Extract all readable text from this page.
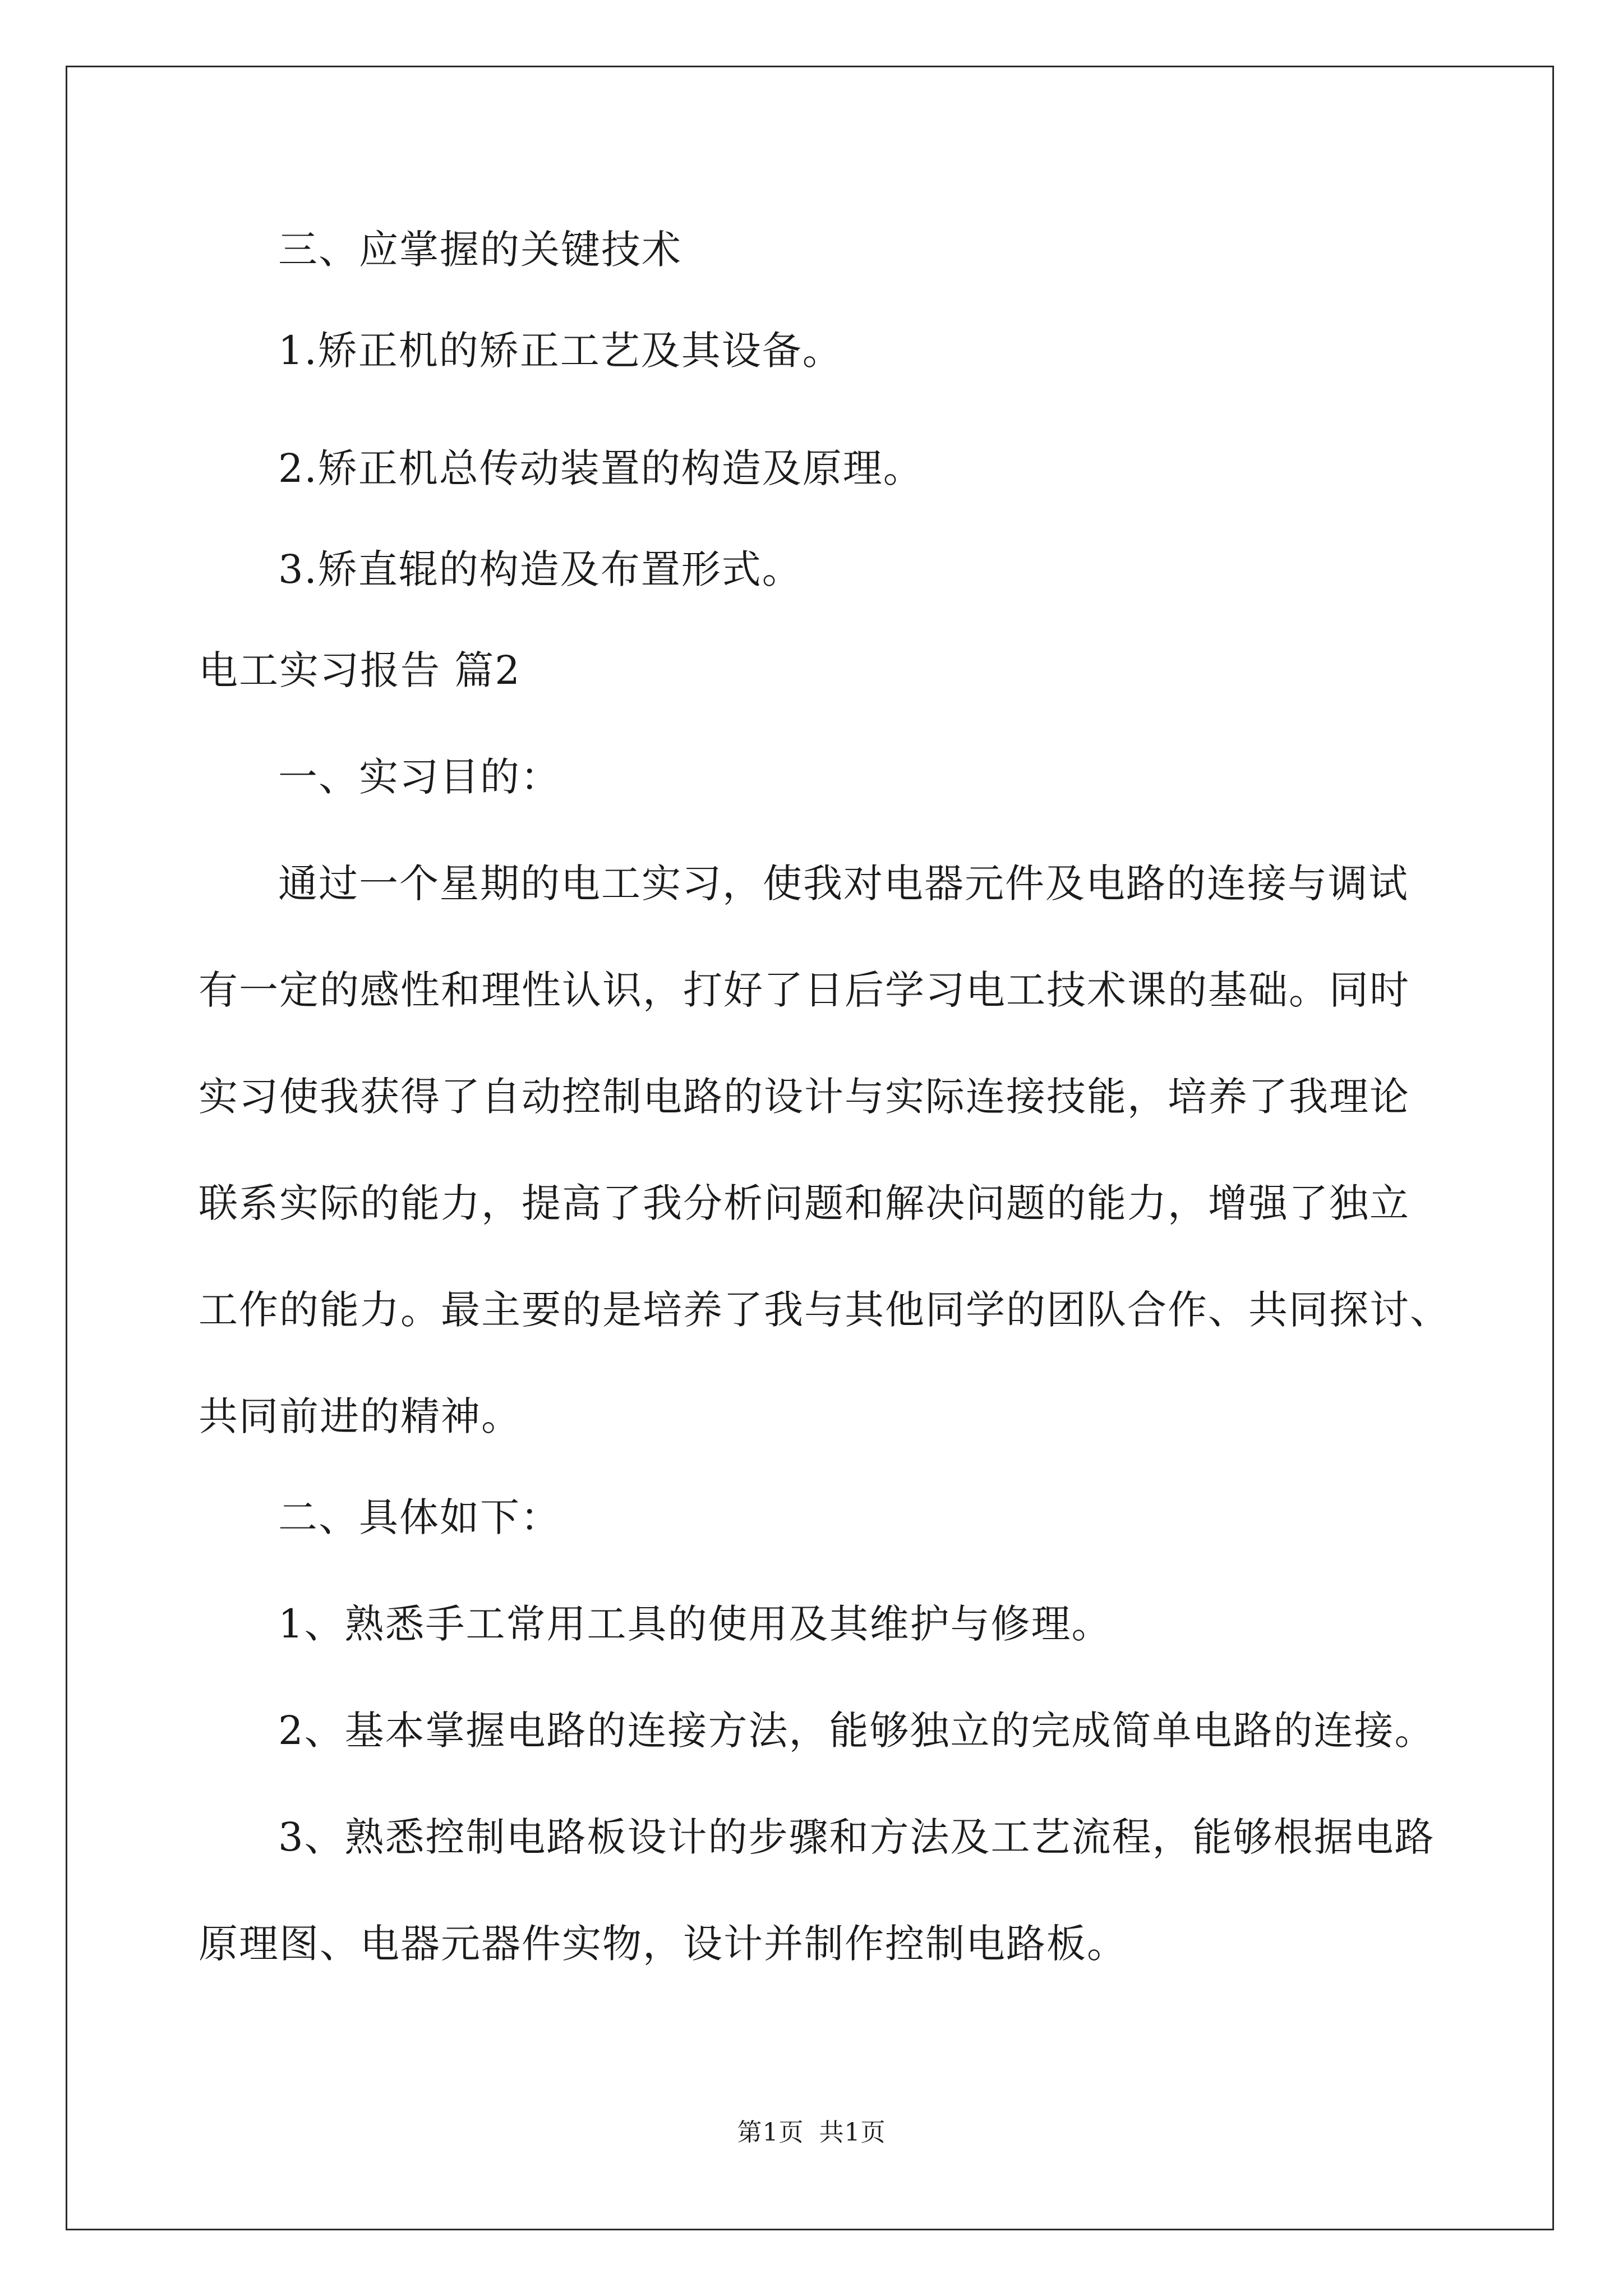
三、应掌握的关键技术
1.矫正机的矫正工艺及其设备。
2.矫正机总传动装置的构造及原理。
3.矫直辊的构造及布置形式。
电工实习报告 篇2
一、实习目的：
通过一个星期的电工实习，使我对电器元件及电路的连接与调试
有一定的感性和理性认识，打好了日后学习电工技术课的基础。同时
实习使我获得了自动控制电路的设计与实际连接技能，培养了我理论
联系实际的能力，提高了我分析问题和解决问题的能力，增强了独立
工作的能力。最主要的是培养了我与其他同学的团队合作、共同探讨、
共同前进的精神。
二、具体如下：
1、熟悉手工常用工具的使用及其维护与修理。
2、基本掌握电路的连接方法，能够独立的完成简单电路的连接。
3、熟悉控制电路板设计的步骤和方法及工艺流程，能够根据电路
原理图、电器元器件实物，设计并制作控制电路板。
第1页 共1页
